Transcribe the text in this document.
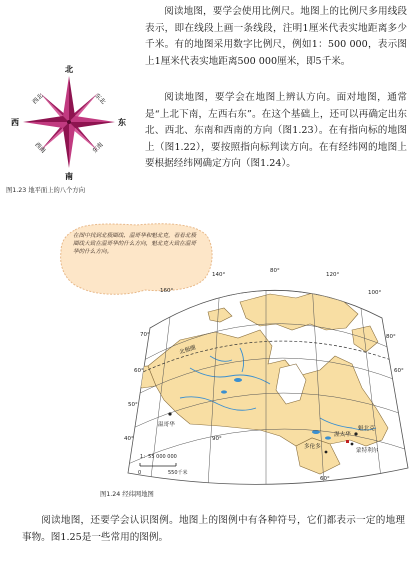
北
南
东
西
东北
西北
东南
西南
图1.23 地平面上的八个方向

阅读地图，要学会使用比例尺。地图上的比例尺多用线段表示，即在线段上画一条线段，注明1厘米代表实地距离多少千米。有的地图采用数字比例尺，例如1：500 000，表示图上1厘米代表实地距离500 000厘米，即5千米。

阅读地图，要学会在地图上辨认方向。面对地图，通常是“上北下南，左西右东”。在这个基础上，还可以再确定出东北、西北、东南和西南的方向（图1.23）。在有指向标的地图上（图1.22），要按照指向标判读方向。在有经纬网的地图上要根据经纬网确定方向（图1.24）。

在图中找到北极圈线、温哥华和魁北克，看看北极圈线大致在温哥华的什么方向，魁北克大致在温哥华的什么方向。
80°
70°
60°
50°
40°
160°
140°	120°
100°
80°
60°
90°
60°
北极圈
温哥华
魁北克
渥太华
蒙特利尔
多伦多
1：55 000 000
0	550千米
图1.24 经纬网地图

阅读地图，还要学会认识图例。地图上的图例中有各种符号，它们都表示一定的地理事物。图1.25是一些常用的图例。
